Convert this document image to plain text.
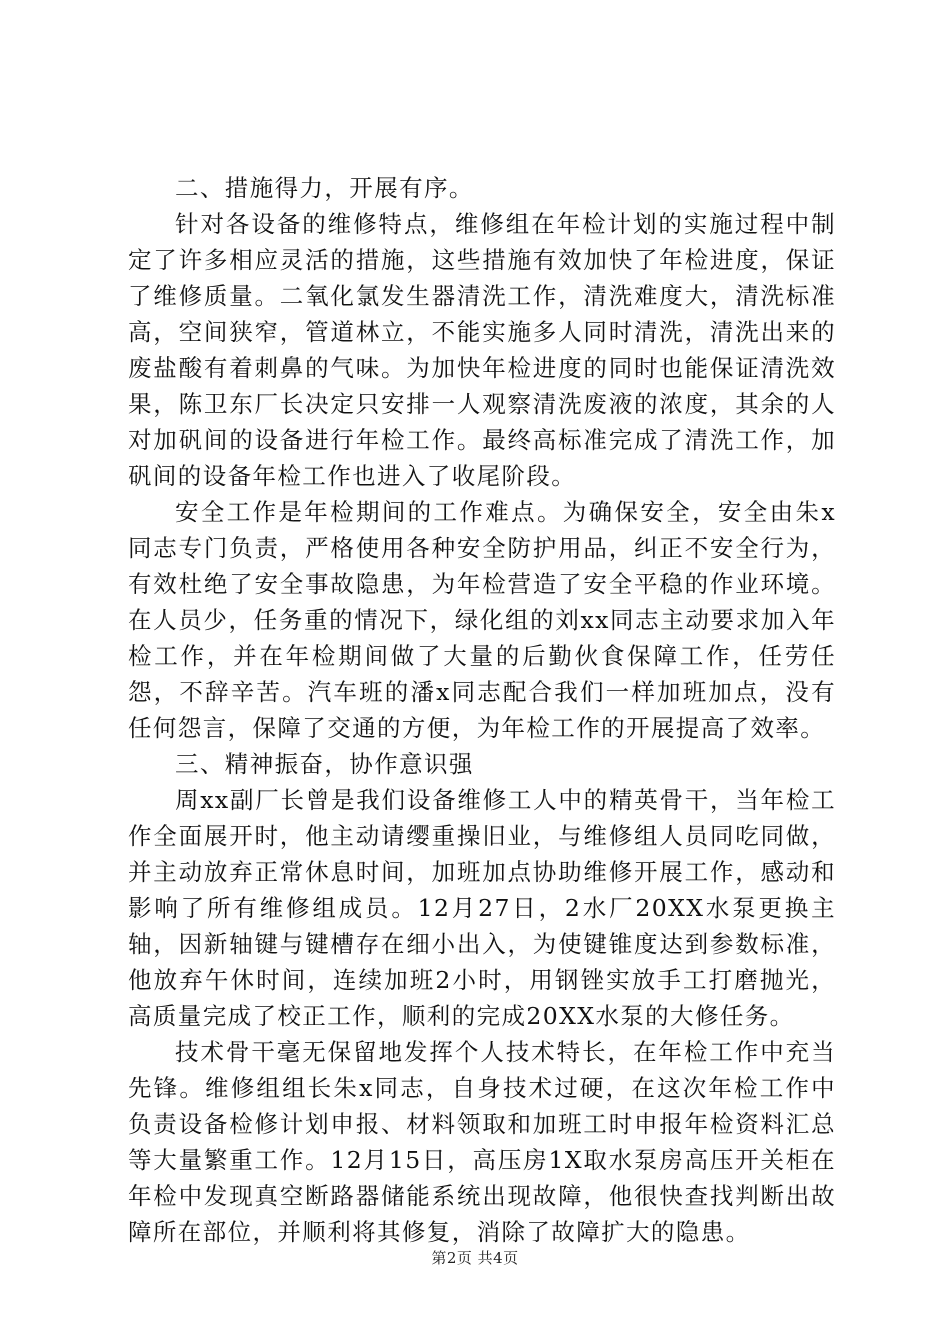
二、措施得力，开展有序。

针对各设备的维修特点，维修组在年检计划的实施过程中制定了许多相应灵活的措施，这些措施有效加快了年检进度，保证了维修质量。二氧化氯发生器清洗工作，清洗难度大，清洗标准高，空间狭窄，管道林立，不能实施多人同时清洗，清洗出来的废盐酸有着刺鼻的气味。为加快年检进度的同时也能保证清洗效果，陈卫东厂长决定只安排一人观察清洗废液的浓度，其余的人对加矾间的设备进行年检工作。最终高标准完成了清洗工作，加矾间的设备年检工作也进入了收尾阶段。

安全工作是年检期间的工作难点。为确保安全，安全由朱x同志专门负责，严格使用各种安全防护用品，纠正不安全行为，有效杜绝了安全事故隐患，为年检营造了安全平稳的作业环境。在人员少，任务重的情况下，绿化组的刘xx同志主动要求加入年检工作，并在年检期间做了大量的后勤伙食保障工作，任劳任怨，不辞辛苦。汽车班的潘x同志配合我们一样加班加点，没有任何怨言，保障了交通的方便，为年检工作的开展提高了效率。

三、精神振奋，协作意识强

周xx副厂长曾是我们设备维修工人中的精英骨干，当年检工作全面展开时，他主动请缨重操旧业，与维修组人员同吃同做，并主动放弃正常休息时间，加班加点协助维修开展工作，感动和影响了所有维修组成员。12月27日，2水厂20XX水泵更换主轴，因新轴键与键槽存在细小出入，为使键锥度达到参数标准，他放弃午休时间，连续加班2小时，用钢锉实放手工打磨抛光，高质量完成了校正工作，顺利的完成20XX水泵的大修任务。

技术骨干毫无保留地发挥个人技术特长，在年检工作中充当先锋。维修组组长朱x同志，自身技术过硬，在这次年检工作中负责设备检修计划申报、材料领取和加班工时申报年检资料汇总等大量繁重工作。12月15日，高压房1X取水泵房高压开关柜在年检中发现真空断路器储能系统出现故障，他很快查找判断出故障所在部位，并顺利将其修复，消除了故障扩大的隐患。

第2页 共4页
